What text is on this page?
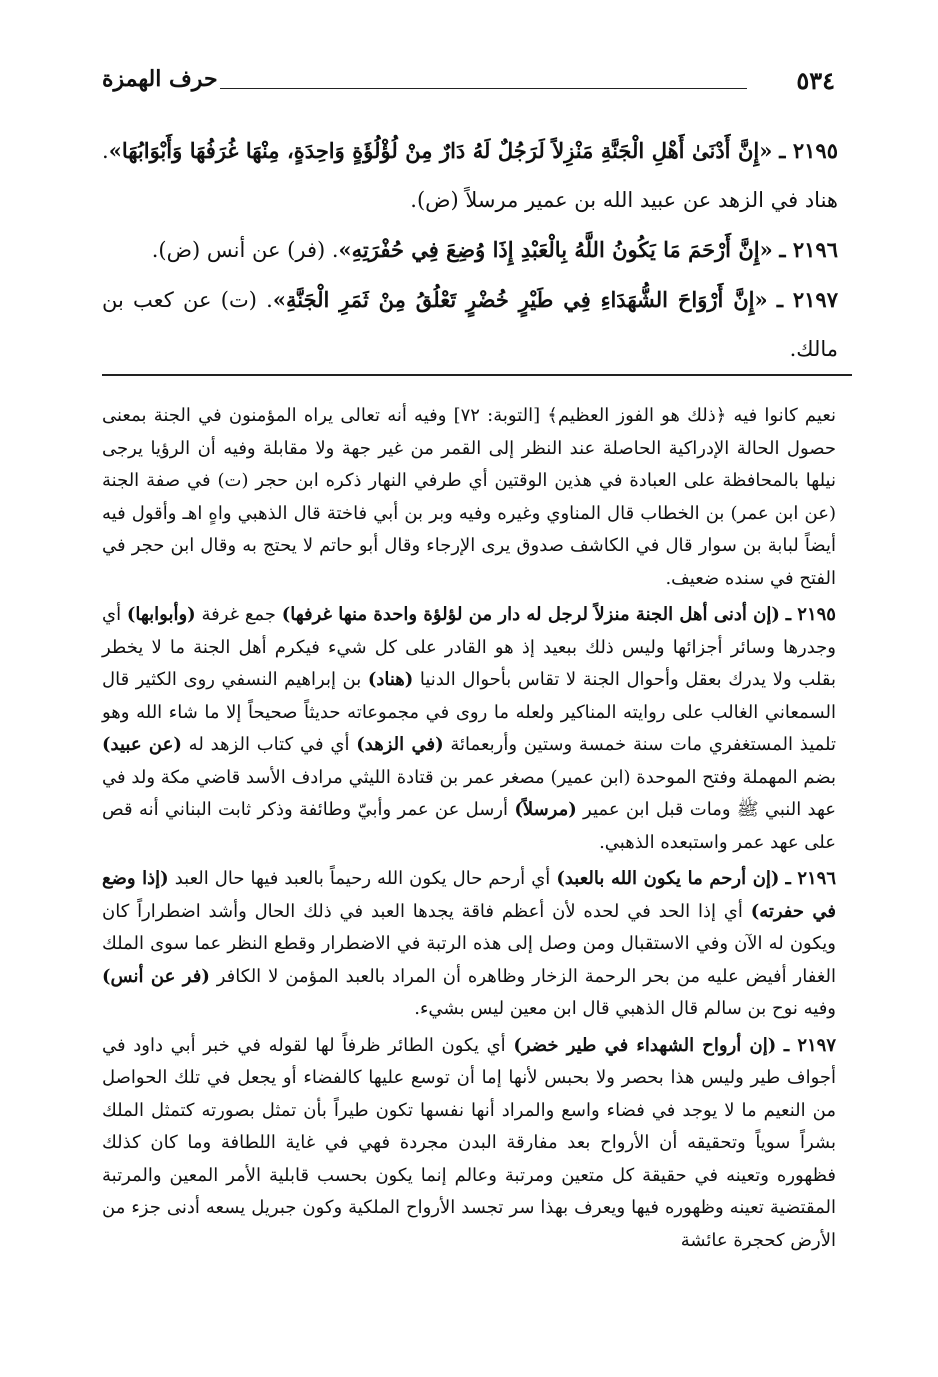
٥٣٤
حرف الهمزة

٢١٩٥ ـ «إِنَّ أَدْنَىٰ أَهْلِ الْجَنَّةِ مَنْزِلاً لَرَجُلٌ لَهُ دَارٌ مِنْ لُؤْلُؤَةٍ وَاحِدَةٍ، مِنْهَا غُرَفُهَا وَأَبْوَابُهَا». هناد في الزهد عن عبيد الله بن عمير مرسلاً (ض).

٢١٩٦ ـ «إِنَّ أَرْحَمَ مَا يَكُونُ اللَّهُ بِالْعَبْدِ إِذَا وُضِعَ فِي حُفْرَتِهِ». (فر) عن أنس (ض).

٢١٩٧ ـ «إِنَّ أَرْوَاحَ الشُّهَدَاءِ فِي طَيْرٍ خُضْرٍ تَعْلُقُ مِنْ ثَمَرِ الْجَنَّةِ». (ت) عن كعب بن مالك.

نعيم كانوا فيه ﴿ذلك هو الفوز العظيم﴾ [التوبة: ٧٢] وفيه أنه تعالى يراه المؤمنون في الجنة بمعنى حصول الحالة الإدراكية الحاصلة عند النظر إلى القمر من غير جهة ولا مقابلة وفيه أن الرؤيا يرجى نيلها بالمحافظة على العبادة في هذين الوقتين أي طرفي النهار ذكره ابن حجر (ت) في صفة الجنة (عن ابن عمر) بن الخطاب قال المناوي وغيره وفيه وبر بن أبي فاختة قال الذهبي واهٍ اهـ وأقول فيه أيضاً لبابة بن سوار قال في الكاشف صدوق يرى الإرجاء وقال أبو حاتم لا يحتج به وقال ابن حجر في الفتح في سنده ضعيف.

٢١٩٥ ـ (إن أدنى أهل الجنة منزلاً لرجل له دار من لؤلؤة واحدة منها غرفها) جمع غرفة (وأبوابها) أي وجدرها وسائر أجزائها وليس ذلك ببعيد إذ هو القادر على كل شيء فيكرم أهل الجنة ما لا يخطر بقلب ولا يدرك بعقل وأحوال الجنة لا تقاس بأحوال الدنيا (هناد) بن إبراهيم النسفي روى الكثير قال السمعاني الغالب على روايته المناكير ولعله ما روى في مجموعاته حديثاً صحيحاً إلا ما شاء الله وهو تلميذ المستغفري مات سنة خمسة وستين وأربعمائة (في الزهد) أي في كتاب الزهد له (عن عبيد) بضم المهملة وفتح الموحدة (ابن عمير) مصغر عمر بن قتادة الليثي مرادف الأسد قاضي مكة ولد في عهد النبي ﷺ ومات قبل ابن عمير (مرسلاً) أرسل عن عمر وأبيّ وطائفة وذكر ثابت البناني أنه قص على عهد عمر واستبعده الذهبي.

٢١٩٦ ـ (إن أرحم ما يكون الله بالعبد) أي أرحم حال يكون الله رحيماً بالعبد فيها حال العبد (إذا وضع في حفرته) أي إذا الحد في لحده لأن أعظم فاقة يجدها العبد في ذلك الحال وأشد اضطراراً كان ويكون له الآن وفي الاستقبال ومن وصل إلى هذه الرتبة في الاضطرار وقطع النظر عما سوى الملك الغفار أفيض عليه من بحر الرحمة الزخار وظاهره أن المراد بالعبد المؤمن لا الكافر (فر عن أنس) وفيه نوح بن سالم قال الذهبي قال ابن معين ليس بشيء.

٢١٩٧ ـ (إن أرواح الشهداء في طير خضر) أي يكون الطائر ظرفاً لها لقوله في خبر أبي داود في أجواف طير وليس هذا بحصر ولا بحبس لأنها إما أن توسع عليها كالفضاء أو يجعل في تلك الحواصل من النعيم ما لا يوجد في فضاء واسع والمراد أنها نفسها تكون طيراً بأن تمثل بصورته كتمثل الملك بشراً سوياً وتحقيقه أن الأرواح بعد مفارقة البدن مجردة فهي في غاية اللطافة وما كان كذلك فظهوره وتعينه في حقيقة كل متعين ومرتبة وعالم إنما يكون بحسب قابلية الأمر المعين والمرتبة المقتضية تعينه وظهوره فيها ويعرف بهذا سر تجسد الأرواح الملكية وكون جبريل يسعه أدنى جزء من الأرض كحجرة عائشة
